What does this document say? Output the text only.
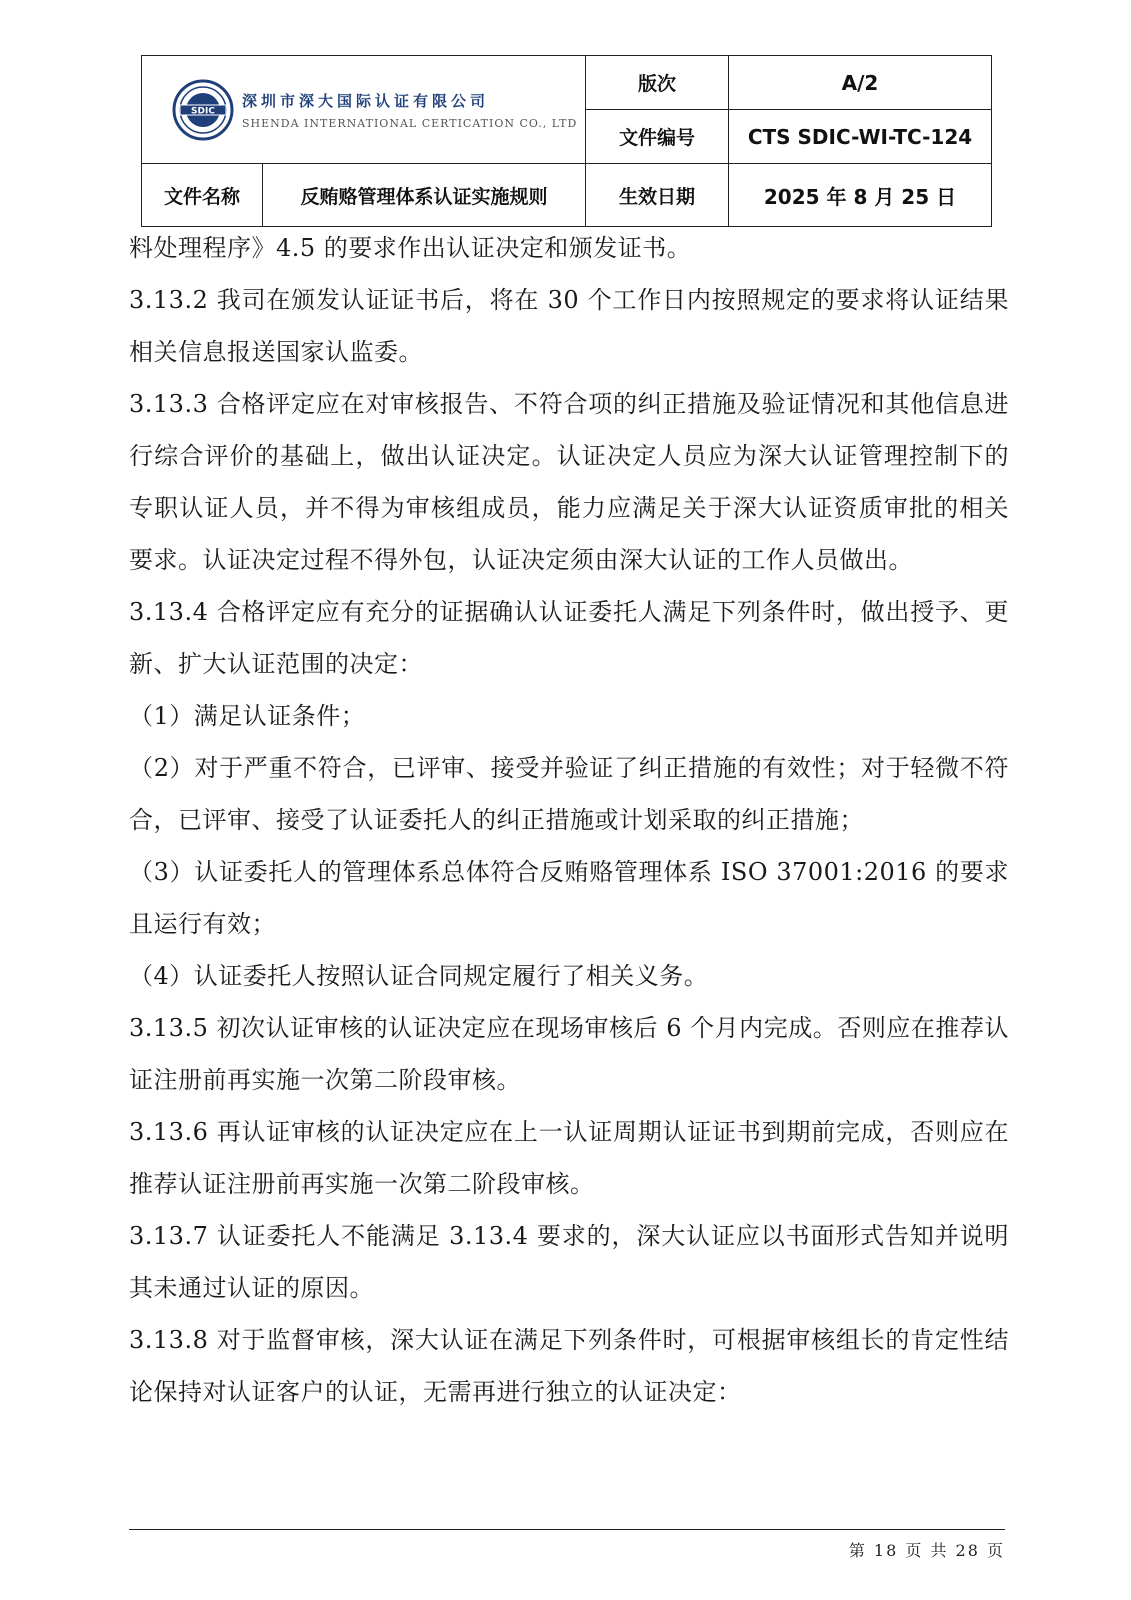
SDIC
深圳市深大国际认证有限公司
SHENDA INTERNATIONAL CERTICATION CO., LTD
版次	A/2
文件编号	CTS SDIC-WI-TC-124
文件名称	反贿赂管理体系认证实施规则	生效日期	2025 年 8 月 25 日

料处理程序》4.5 的要求作出认证决定和颁发证书。

3.13.2 我司在颁发认证证书后，将在 30 个工作日内按照规定的要求将认证结果相关信息报送国家认监委。

3.13.3 合格评定应在对审核报告、不符合项的纠正措施及验证情况和其他信息进行综合评价的基础上，做出认证决定。认证决定人员应为深大认证管理控制下的专职认证人员，并不得为审核组成员，能力应满足关于深大认证资质审批的相关要求。认证决定过程不得外包，认证决定须由深大认证的工作人员做出。

3.13.4 合格评定应有充分的证据确认认证委托人满足下列条件时，做出授予、更新、扩大认证范围的决定：

（1）满足认证条件；

（2）对于严重不符合，已评审、接受并验证了纠正措施的有效性；对于轻微不符合，已评审、接受了认证委托人的纠正措施或计划采取的纠正措施；

（3）认证委托人的管理体系总体符合反贿赂管理体系 ISO 37001:2016 的要求且运行有效；

（4）认证委托人按照认证合同规定履行了相关义务。

3.13.5 初次认证审核的认证决定应在现场审核后 6 个月内完成。否则应在推荐认证注册前再实施一次第二阶段审核。

3.13.6 再认证审核的认证决定应在上一认证周期认证证书到期前完成，否则应在推荐认证注册前再实施一次第二阶段审核。

3.13.7 认证委托人不能满足 3.13.4 要求的，深大认证应以书面形式告知并说明其未通过认证的原因。

3.13.8 对于监督审核，深大认证在满足下列条件时，可根据审核组长的肯定性结论保持对认证客户的认证，无需再进行独立的认证决定：

第 18 页 共 28 页
